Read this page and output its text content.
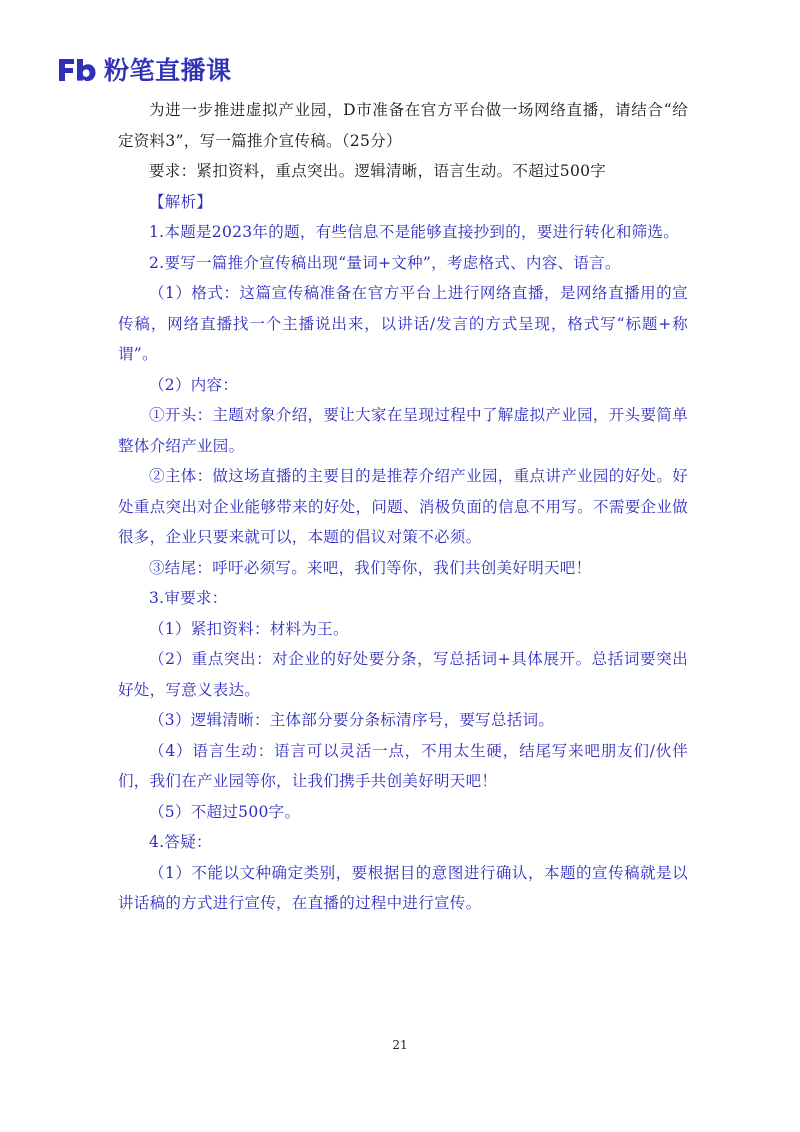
粉笔直播课

为进一步推进虚拟产业园，D市准备在官方平台做一场网络直播，请结合“给定资料3”，写一篇推介宣传稿。（25分）

要求：紧扣资料，重点突出。逻辑清晰，语言生动。不超过500字

【解析】

1.本题是2023年的题，有些信息不是能够直接抄到的，要进行转化和筛选。

2.要写一篇推介宣传稿出现“量词+文种”，考虑格式、内容、语言。

（1）格式：这篇宣传稿准备在官方平台上进行网络直播，是网络直播用的宣传稿，网络直播找一个主播说出来，以讲话/发言的方式呈现，格式写“标题+称谓”。

（2）内容：

①开头：主题对象介绍，要让大家在呈现过程中了解虚拟产业园，开头要简单整体介绍产业园。

②主体：做这场直播的主要目的是推荐介绍产业园，重点讲产业园的好处。好处重点突出对企业能够带来的好处，问题、消极负面的信息不用写。不需要企业做很多，企业只要来就可以，本题的倡议对策不必须。

③结尾：呼吁必须写。来吧，我们等你，我们共创美好明天吧！

3.审要求：

（1）紧扣资料：材料为王。

（2）重点突出：对企业的好处要分条，写总括词+具体展开。总括词要突出好处，写意义表达。

（3）逻辑清晰：主体部分要分条标清序号，要写总括词。

（4）语言生动：语言可以灵活一点，不用太生硬，结尾写来吧朋友们/伙伴们，我们在产业园等你，让我们携手共创美好明天吧！

（5）不超过500字。

4.答疑：

（1）不能以文种确定类别，要根据目的意图进行确认，本题的宣传稿就是以讲话稿的方式进行宣传，在直播的过程中进行宣传。

21
